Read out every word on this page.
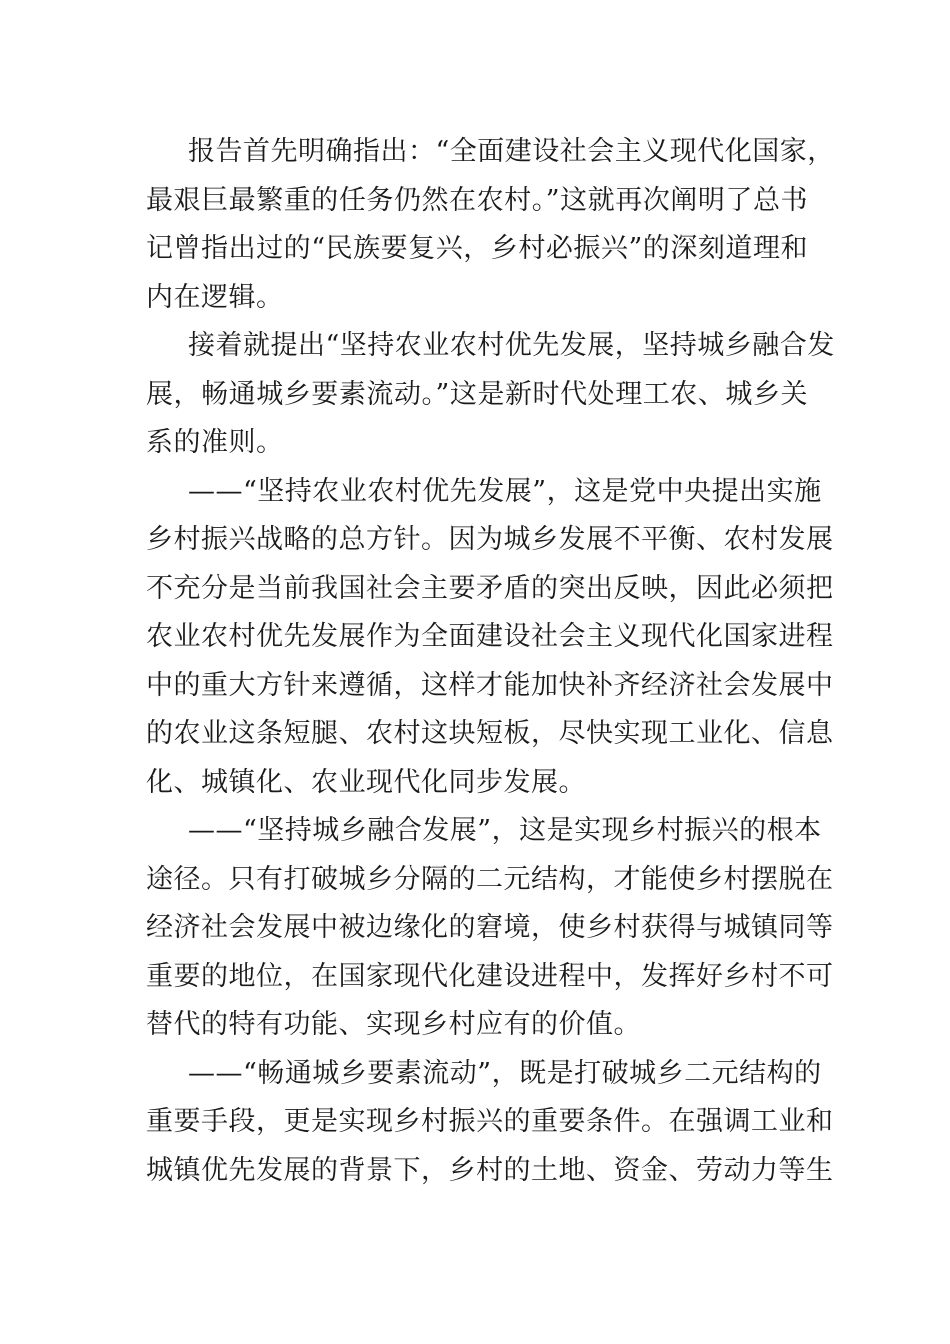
报告首先明确指出：“全面建设社会主义现代化国家，
最艰巨最繁重的任务仍然在农村。”这就再次阐明了总书
记曾指出过的“民族要复兴，乡村必振兴”的深刻道理和
内在逻辑。
接着就提出“坚持农业农村优先发展，坚持城乡融合发
展，畅通城乡要素流动。”这是新时代处理工农、城乡关
系的准则。
——“坚持农业农村优先发展”，这是党中央提出实施
乡村振兴战略的总方针。因为城乡发展不平衡、农村发展
不充分是当前我国社会主要矛盾的突出反映，因此必须把
农业农村优先发展作为全面建设社会主义现代化国家进程
中的重大方针来遵循，这样才能加快补齐经济社会发展中
的农业这条短腿、农村这块短板，尽快实现工业化、信息
化、城镇化、农业现代化同步发展。
——“坚持城乡融合发展”，这是实现乡村振兴的根本
途径。只有打破城乡分隔的二元结构，才能使乡村摆脱在
经济社会发展中被边缘化的窘境，使乡村获得与城镇同等
重要的地位，在国家现代化建设进程中，发挥好乡村不可
替代的特有功能、实现乡村应有的价值。
——“畅通城乡要素流动”，既是打破城乡二元结构的
重要手段，更是实现乡村振兴的重要条件。在强调工业和
城镇优先发展的背景下，乡村的土地、资金、劳动力等生
